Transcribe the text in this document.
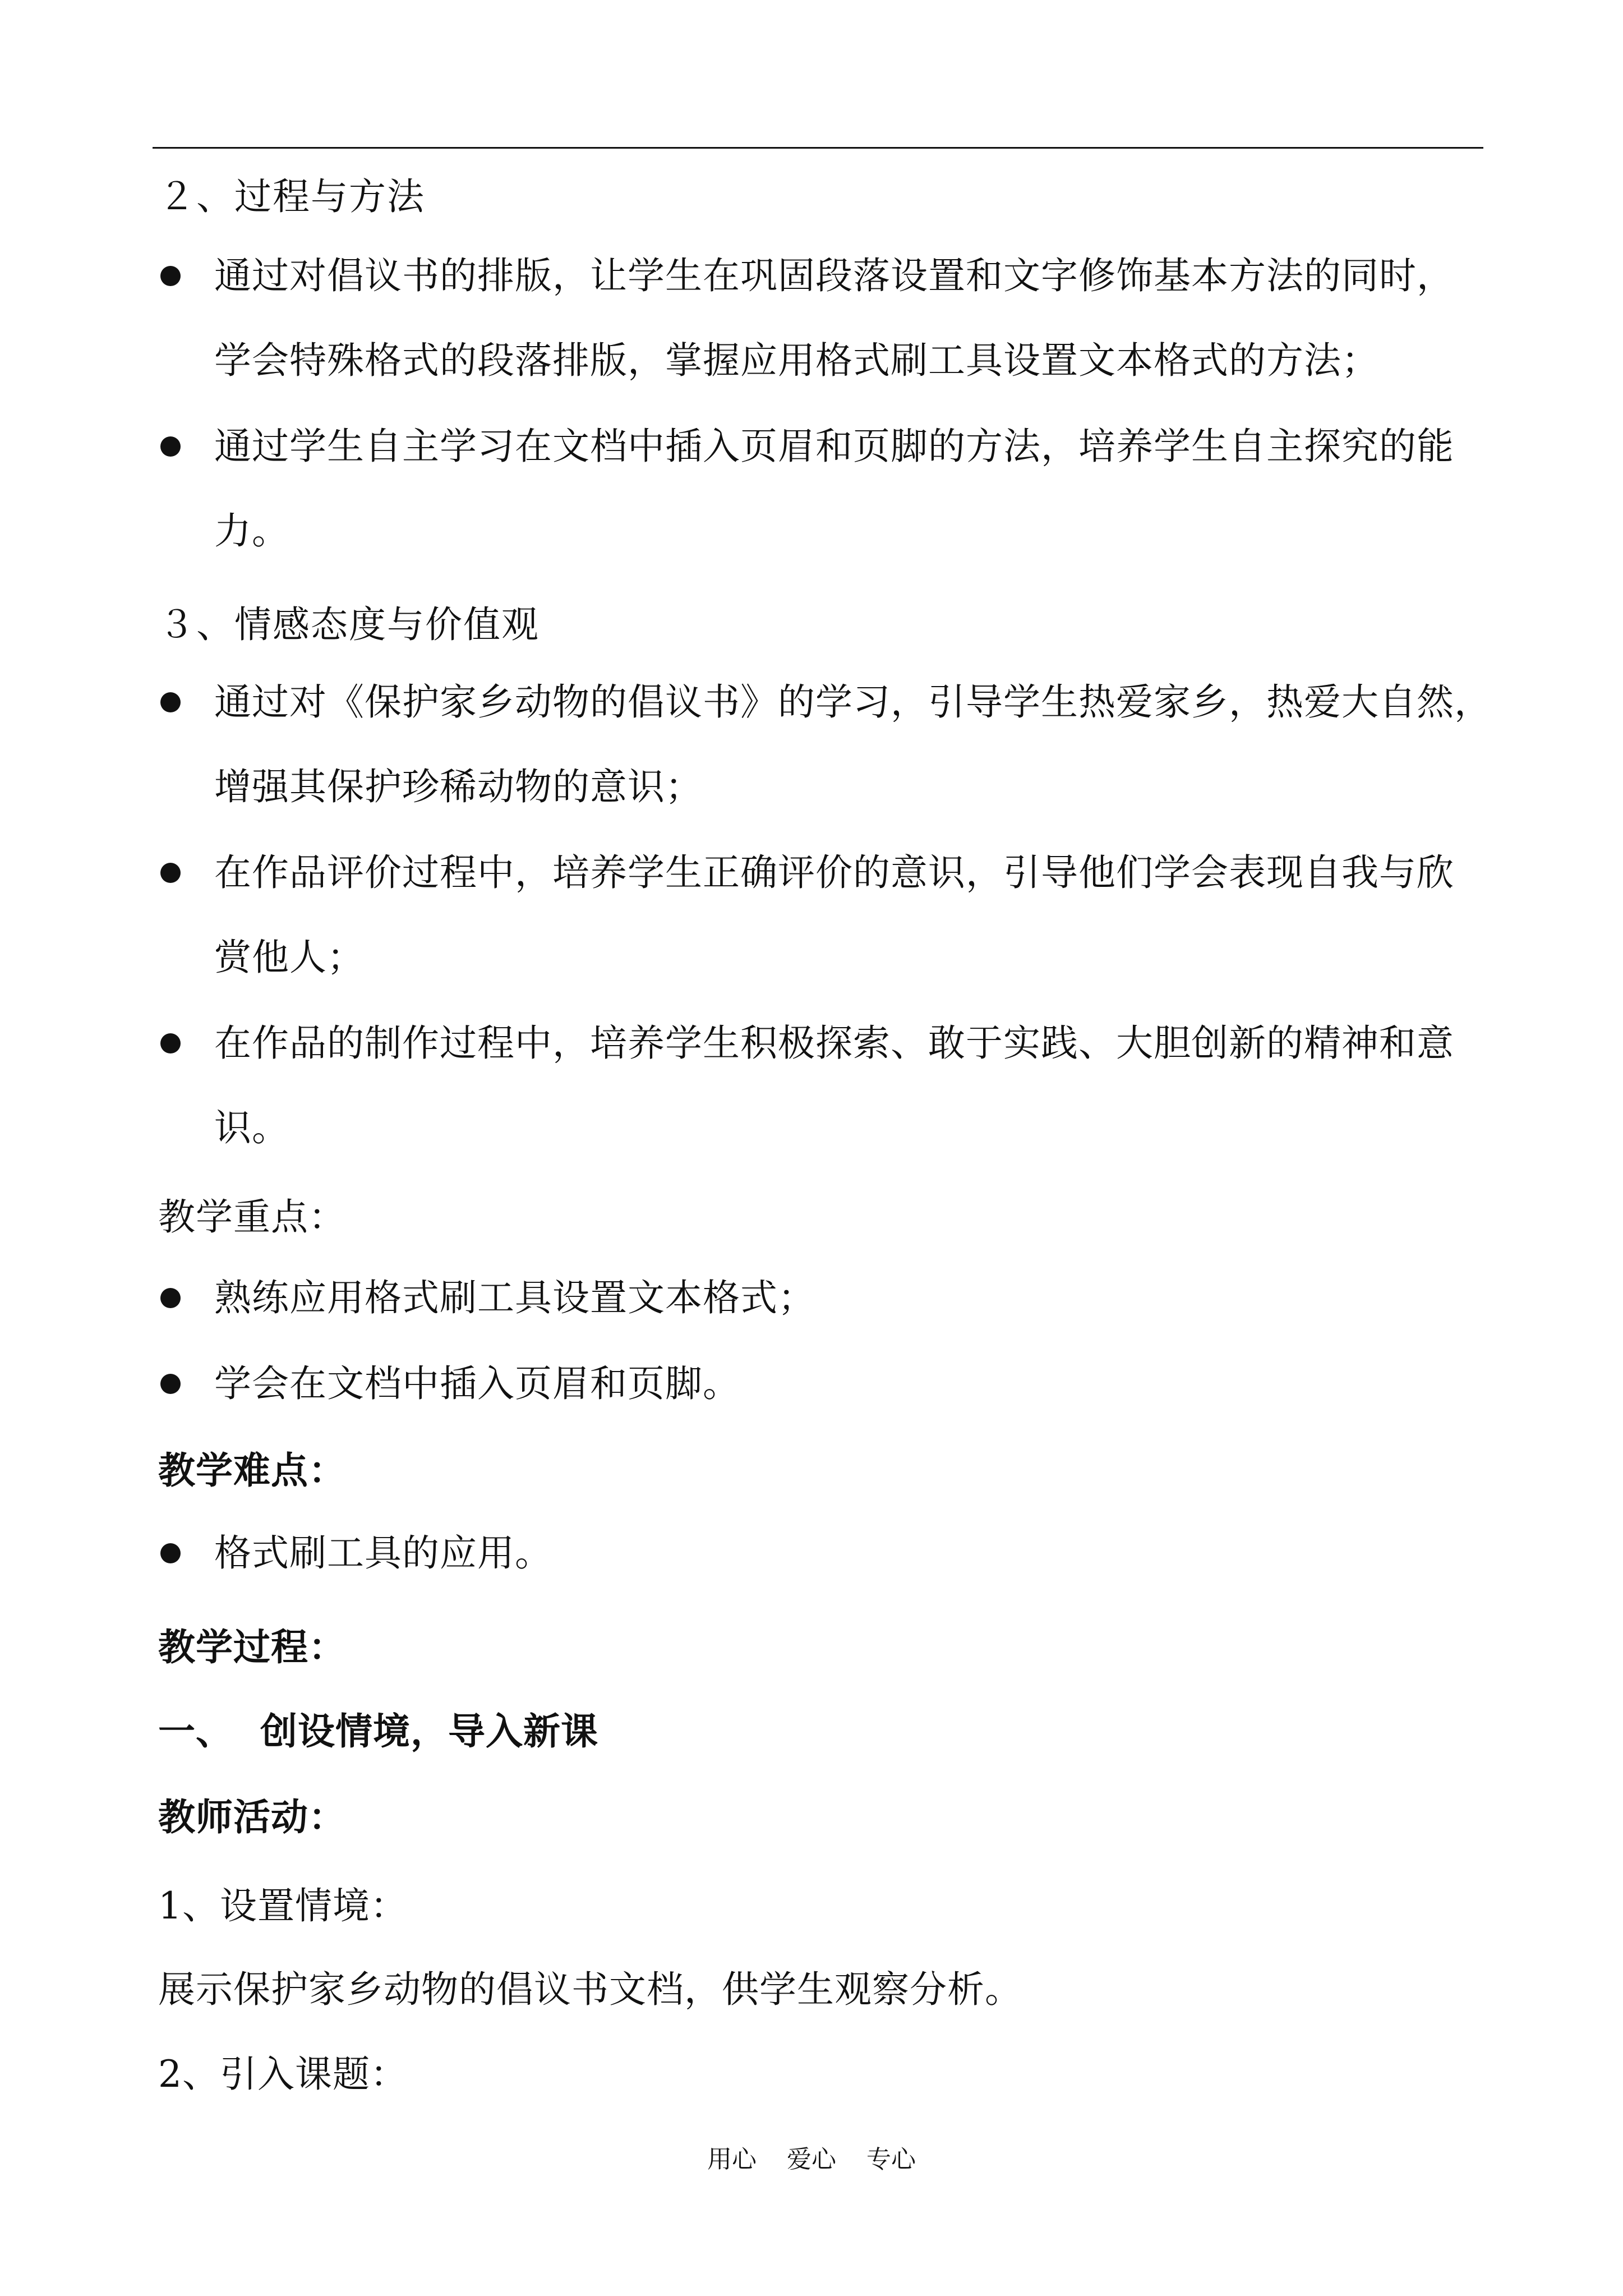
２、过程与方法
通过对倡议书的排版，让学生在巩固段落设置和文字修饰基本方法的同时，
学会特殊格式的段落排版，掌握应用格式刷工具设置文本格式的方法；
通过学生自主学习在文档中插入页眉和页脚的方法，培养学生自主探究的能
力。
３、情感态度与价值观
通过对《保护家乡动物的倡议书》的学习，引导学生热爱家乡，热爱大自然，
增强其保护珍稀动物的意识；
在作品评价过程中，培养学生正确评价的意识，引导他们学会表现自我与欣
赏他人；
在作品的制作过程中，培养学生积极探索、敢于实践、大胆创新的精神和意
识。
教学重点：
熟练应用格式刷工具设置文本格式；
学会在文档中插入页眉和页脚。
教学难点：
格式刷工具的应用。
教学过程：
一、  创设情境，导入新课
教师活动：
1、设置情境：
展示保护家乡动物的倡议书文档，供学生观察分析。
2、引入课题：
用心 爱心 专心
